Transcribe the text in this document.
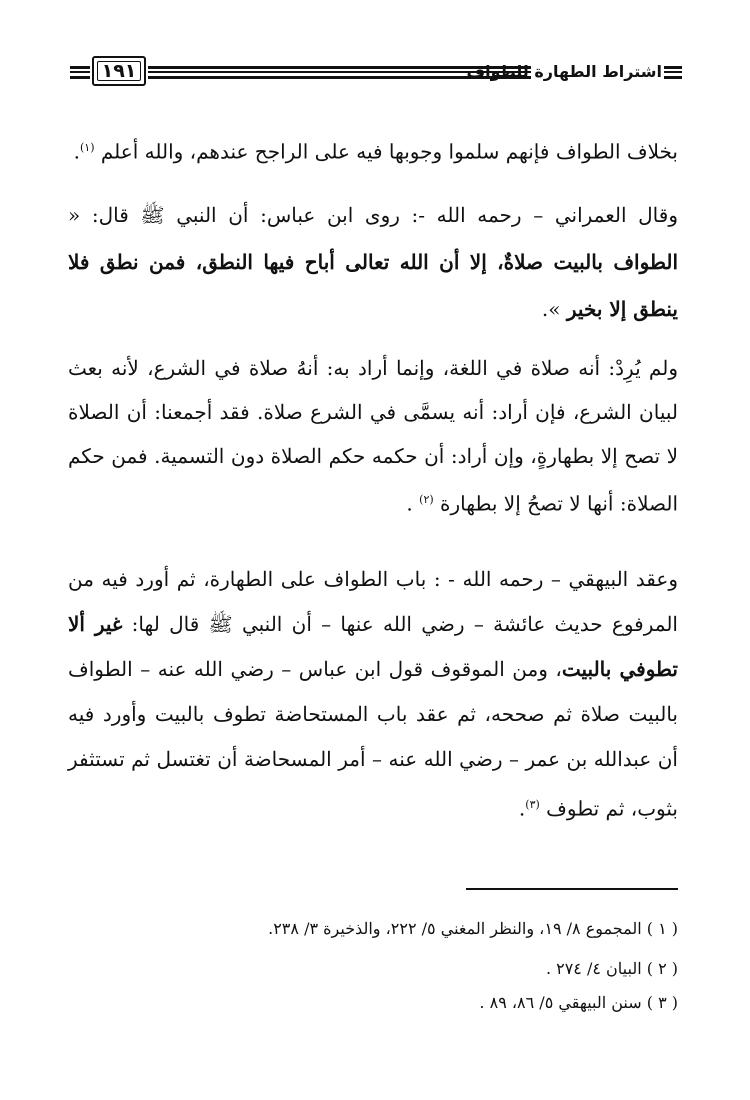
١٩١	اشتراط الطهارة للطواف

بخلاف الطواف فإنهم سلموا وجوبها فيه على الراجح عندهم، والله أعلم $^{(١)}$.

وقال العمراني – رحمه الله -: روى ابن عباس: أن النبي ﷺ قال: « الطواف بالبيت صلاةٌ، إلا أن الله تعالى أباح فيها النطق، فمن نطق فلا ينطق إلا بخير ».

ولم يُرِدْ: أنه صلاة في اللغة، وإنما أراد به: أنهُ صلاة في الشرع، لأنه بعث لبيان الشرع، فإن أراد: أنه يسمَّى في الشرع صلاة. فقد أجمعنا: أن الصلاة لا تصح إلا بطهارةٍ، وإن أراد: أن حكمه حكم الصلاة دون التسمية. فمن حكم الصلاة: أنها لا تصحُ إلا بطهارة $^{(٢)}$ .

وعقد البيهقي – رحمه الله - : باب الطواف على الطهارة، ثم أورد فيه من المرفوع حديث عائشة – رضي الله عنها – أن النبي ﷺ قال لها: غير ألا تطوفي بالبيت، ومن الموقوف قول ابن عباس – رضي الله عنه – الطواف بالبيت صلاة ثم صححه، ثم عقد باب المستحاضة تطوف بالبيت وأورد فيه أن عبدالله بن عمر – رضي الله عنه – أمر المسحاضة أن تغتسل ثم تستثفر بثوب، ثم تطوف $^{(٣)}$.

( ١ ) المجموع ٨/ ١٩، والنظر المغني ٥/ ٢٢٢، والذخيرة ٣/ ٢٣٨.

( ٢ ) البيان ٤/ ٢٧٤ .

( ٣ ) سنن البيهقي ٥/ ٨٦، ٨٩ .
